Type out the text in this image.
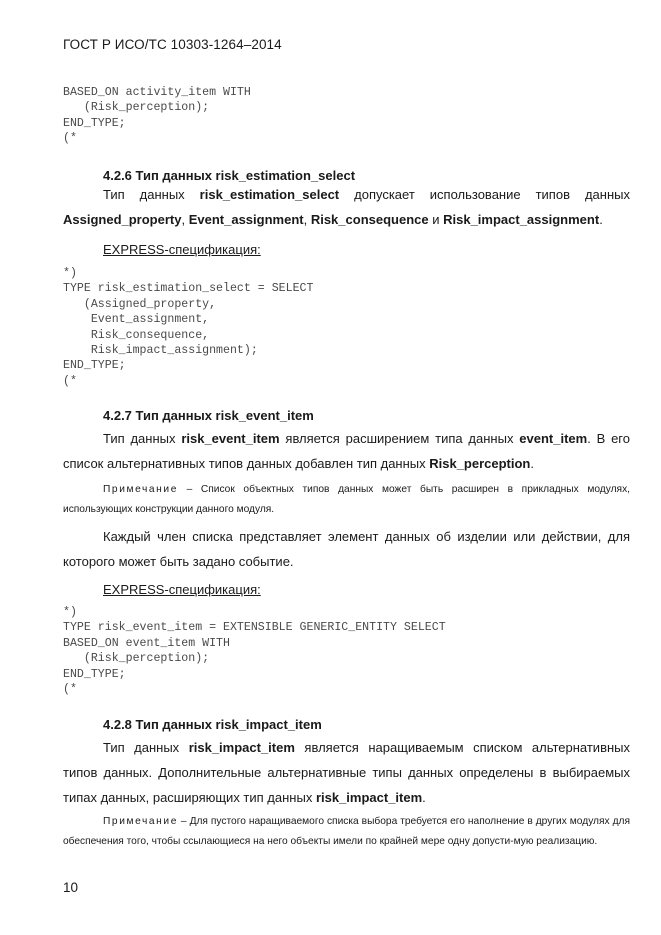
ГОСТ Р ИСО/ТС 10303-1264–2014
BASED_ON activity_item WITH
(Risk_perception);
END_TYPE;
(*
4.2.6 Тип данных risk_estimation_select

Тип данных risk_estimation_select допускает использование типов данных Assigned_property, Event_assignment, Risk_consequence и Risk_impact_assignment.

EXPRESS-спецификация:
*)
TYPE risk_estimation_select = SELECT
(Assigned_property,
Event_assignment,
Risk_consequence,
Risk_impact_assignment);
END_TYPE;
(*
4.2.7 Тип данных risk_event_item

Тип данных risk_event_item является расширением типа данных event_item. В его список альтернативных типов данных добавлен тип данных Risk_perception.

Примечание – Список объектных типов данных может быть расширен в прикладных модулях, использующих конструкции данного модуля.

Каждый член списка представляет элемент данных об изделии или действии, для которого может быть задано событие.

EXPRESS-спецификация:
*)
TYPE risk_event_item = EXTENSIBLE GENERIC_ENTITY SELECT
BASED_ON event_item WITH
(Risk_perception);
END_TYPE;
(*
4.2.8 Тип данных risk_impact_item

Тип данных risk_impact_item является наращиваемым списком альтернативных типов данных. Дополнительные альтернативные типы данных определены в выбираемых типах данных, расширяющих тип данных risk_impact_item.

Примечание – Для пустого наращиваемого списка выбора требуется его наполнение в других модулях для обеспечения того, чтобы ссылающиеся на него объекты имели по крайней мере одну допусти-мую реализацию.

10
